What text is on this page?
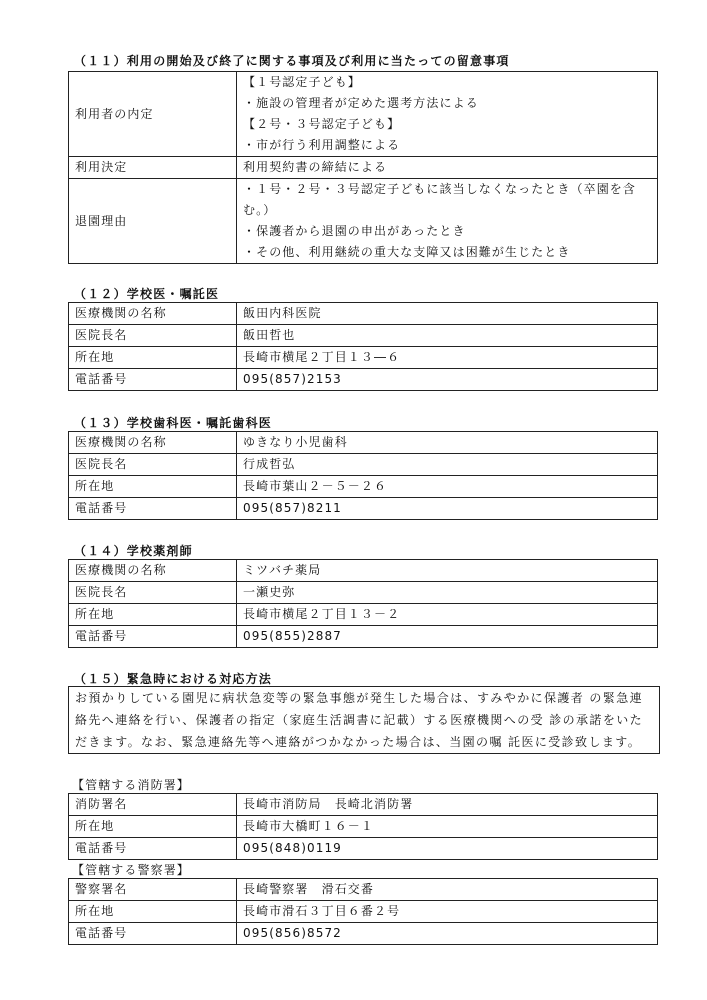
（１１）利用の開始及び終了に関する事項及び利用に当たっての留意事項
利用者の内定	【１号認定子ども】
・施設の管理者が定めた選考方法による
【２号・３号認定子ども】
・市が行う利用調整による

利用決定	利用契約書の締結による

退園理由	・１号・２号・３号認定子どもに該当しなくなったとき（卒園を含む。）
・保護者から退園の申出があったとき
・その他、利用継続の重大な支障又は困難が生じたとき
（１２）学校医・嘱託医
医療機関の名称	飯田内科医院
医院長名	飯田哲也
所在地	長崎市横尾２丁目１３―６
電話番号	095(857)2153
（１３）学校歯科医・嘱託歯科医
医療機関の名称	ゆきなり小児歯科
医院長名	行成哲弘
所在地	長崎市葉山２－５－２６
電話番号	095(857)8211
（１４）学校薬剤師
医療機関の名称	ミツバチ薬局
医院長名	一瀬史弥
所在地	長崎市横尾２丁目１３－２
電話番号	095(855)2887
（１５）緊急時における対応方法
お預かりしている園児に病状急変等の緊急事態が発生した場合は、すみやかに保護者 の緊急連絡先へ連絡を行い、保護者の指定（家庭生活調書に記載）する医療機関への受 診の承諾をいただきます。なお、緊急連絡先等へ連絡がつかなかった場合は、当園の嘱 託医に受診致します。
【管轄する消防署】
消防署名	長崎市消防局　長崎北消防署
所在地	長崎市大橋町１６－１
電話番号	095(848)0119
【管轄する警察署】
警察署名	長崎警察署　滑石交番
所在地	長崎市滑石３丁目６番２号
電話番号	095(856)8572
